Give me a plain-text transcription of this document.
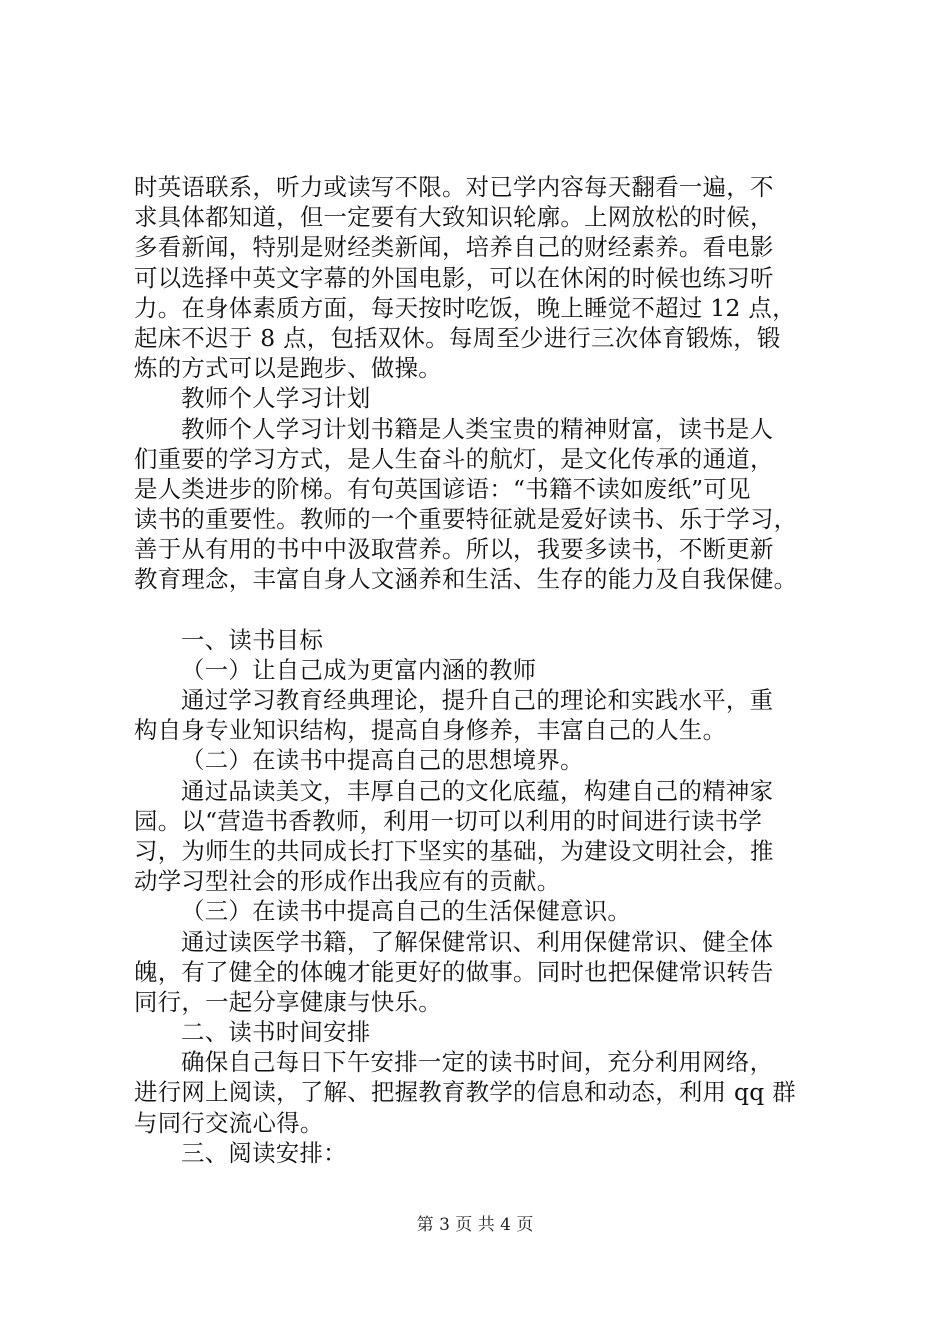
时英语联系，听力或读写不限。对已学内容每天翻看一遍，不
求具体都知道，但一定要有大致知识轮廓。上网放松的时候，
多看新闻，特别是财经类新闻，培养自己的财经素养。看电影
可以选择中英文字幕的外国电影，可以在休闲的时候也练习听
力。在身体素质方面，每天按时吃饭，晚上睡觉不超过 12 点，
起床不迟于 8 点，包括双休。每周至少进行三次体育锻炼，锻
炼的方式可以是跑步、做操。
教师个人学习计划
教师个人学习计划书籍是人类宝贵的精神财富，读书是人
们重要的学习方式，是人生奋斗的航灯，是文化传承的通道，
是人类进步的阶梯。有句英国谚语：“书籍不读如废纸”可见
读书的重要性。教师的一个重要特征就是爱好读书、乐于学习，
善于从有用的书中中汲取营养。所以，我要多读书，不断更新
教育理念，丰富自身人文涵养和生活、生存的能力及自我保健。
一、读书目标
（一）让自己成为更富内涵的教师
通过学习教育经典理论，提升自己的理论和实践水平，重
构自身专业知识结构，提高自身修养，丰富自己的人生。
（二）在读书中提高自己的思想境界。
通过品读美文，丰厚自己的文化底蕴，构建自己的精神家
园。以“营造书香教师，利用一切可以利用的时间进行读书学
习，为师生的共同成长打下坚实的基础，为建设文明社会，推
动学习型社会的形成作出我应有的贡献。
（三）在读书中提高自己的生活保健意识。
通过读医学书籍，了解保健常识、利用保健常识、健全体
魄，有了健全的体魄才能更好的做事。同时也把保健常识转告
同行，一起分享健康与快乐。
二、读书时间安排
确保自己每日下午安排一定的读书时间，充分利用网络，
进行网上阅读，了解、把握教育教学的信息和动态，利用 qq 群
与同行交流心得。
三、阅读安排：
第 3 页 共 4 页
